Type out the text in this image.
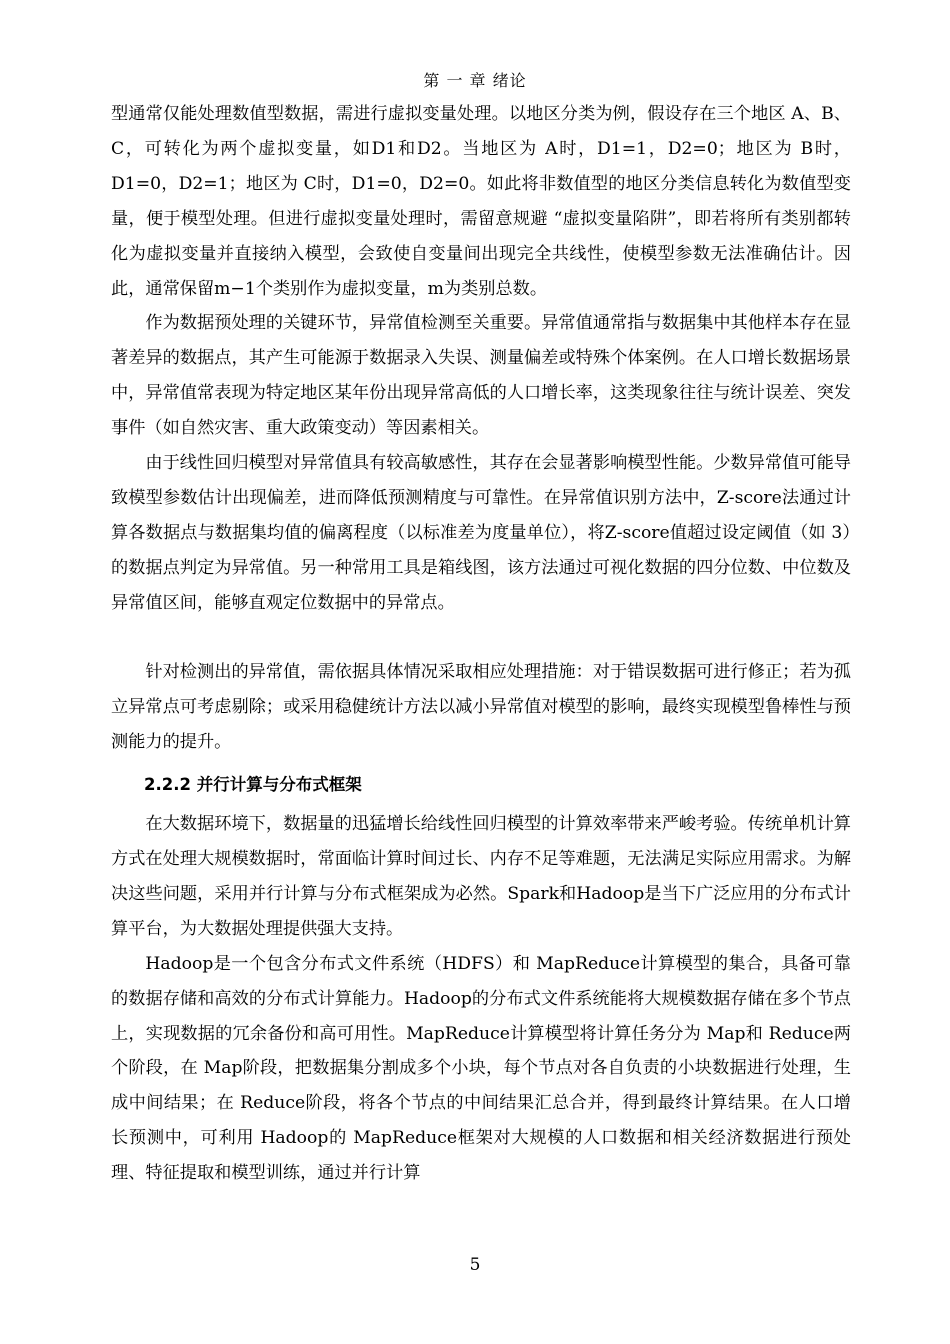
第 一 章 绪论

型通常仅能处理数值型数据，需进行虚拟变量处理。以地区分类为例，假设存在三个地区 A、B、C，可转化为两个虚拟变量，如D1和D2。当地区为 A时，D1=1，D2=0；地区为 B时，D1=0，D2=1；地区为 C时，D1=0，D2=0。如此将非数值型的地区分类信息转化为数值型变量，便于模型处理。但进行虚拟变量处理时，需留意规避 “虚拟变量陷阱”，即若将所有类别都转化为虚拟变量并直接纳入模型，会致使自变量间出现完全共线性，使模型参数无法准确估计。因此，通常保留m−1个类别作为虚拟变量，m为类别总数。

作为数据预处理的关键环节，异常值检测至关重要。异常值通常指与数据集中其他样本存在显著差异的数据点，其产生可能源于数据录入失误、测量偏差或特殊个体案例。在人口增长数据场景中，异常值常表现为特定地区某年份出现异常高低的人口增长率，这类现象往往与统计误差、突发事件（如自然灾害、重大政策变动）等因素相关。

由于线性回归模型对异常值具有较高敏感性，其存在会显著影响模型性能。少数异常值可能导致模型参数估计出现偏差，进而降低预测精度与可靠性。在异常值识别方法中，Z-score法通过计算各数据点与数据集均值的偏离程度（以标准差为度量单位），将Z-score值超过设定阈值（如 3）的数据点判定为异常值。另一种常用工具是箱线图，该方法通过可视化数据的四分位数、中位数及异常值区间，能够直观定位数据中的异常点。

针对检测出的异常值，需依据具体情况采取相应处理措施：对于错误数据可进行修正；若为孤立异常点可考虑剔除；或采用稳健统计方法以减小异常值对模型的影响，最终实现模型鲁棒性与预测能力的提升。

2.2.2 并行计算与分布式框架

在大数据环境下，数据量的迅猛增长给线性回归模型的计算效率带来严峻考验。传统单机计算方式在处理大规模数据时，常面临计算时间过长、内存不足等难题，无法满足实际应用需求。为解决这些问题，采用并行计算与分布式框架成为必然。Spark和Hadoop是当下广泛应用的分布式计算平台，为大数据处理提供强大支持。

Hadoop是一个包含分布式文件系统（HDFS）和 MapReduce计算模型的集合，具备可靠的数据存储和高效的分布式计算能力。Hadoop的分布式文件系统能将大规模数据存储在多个节点上，实现数据的冗余备份和高可用性。MapReduce计算模型将计算任务分为 Map和 Reduce两个阶段，在 Map阶段，把数据集分割成多个小块，每个节点对各自负责的小块数据进行处理，生成中间结果；在 Reduce阶段，将各个节点的中间结果汇总合并，得到最终计算结果。在人口增长预测中，可利用 Hadoop的 MapReduce框架对大规模的人口数据和相关经济数据进行预处理、特征提取和模型训练，通过并行计算

5
